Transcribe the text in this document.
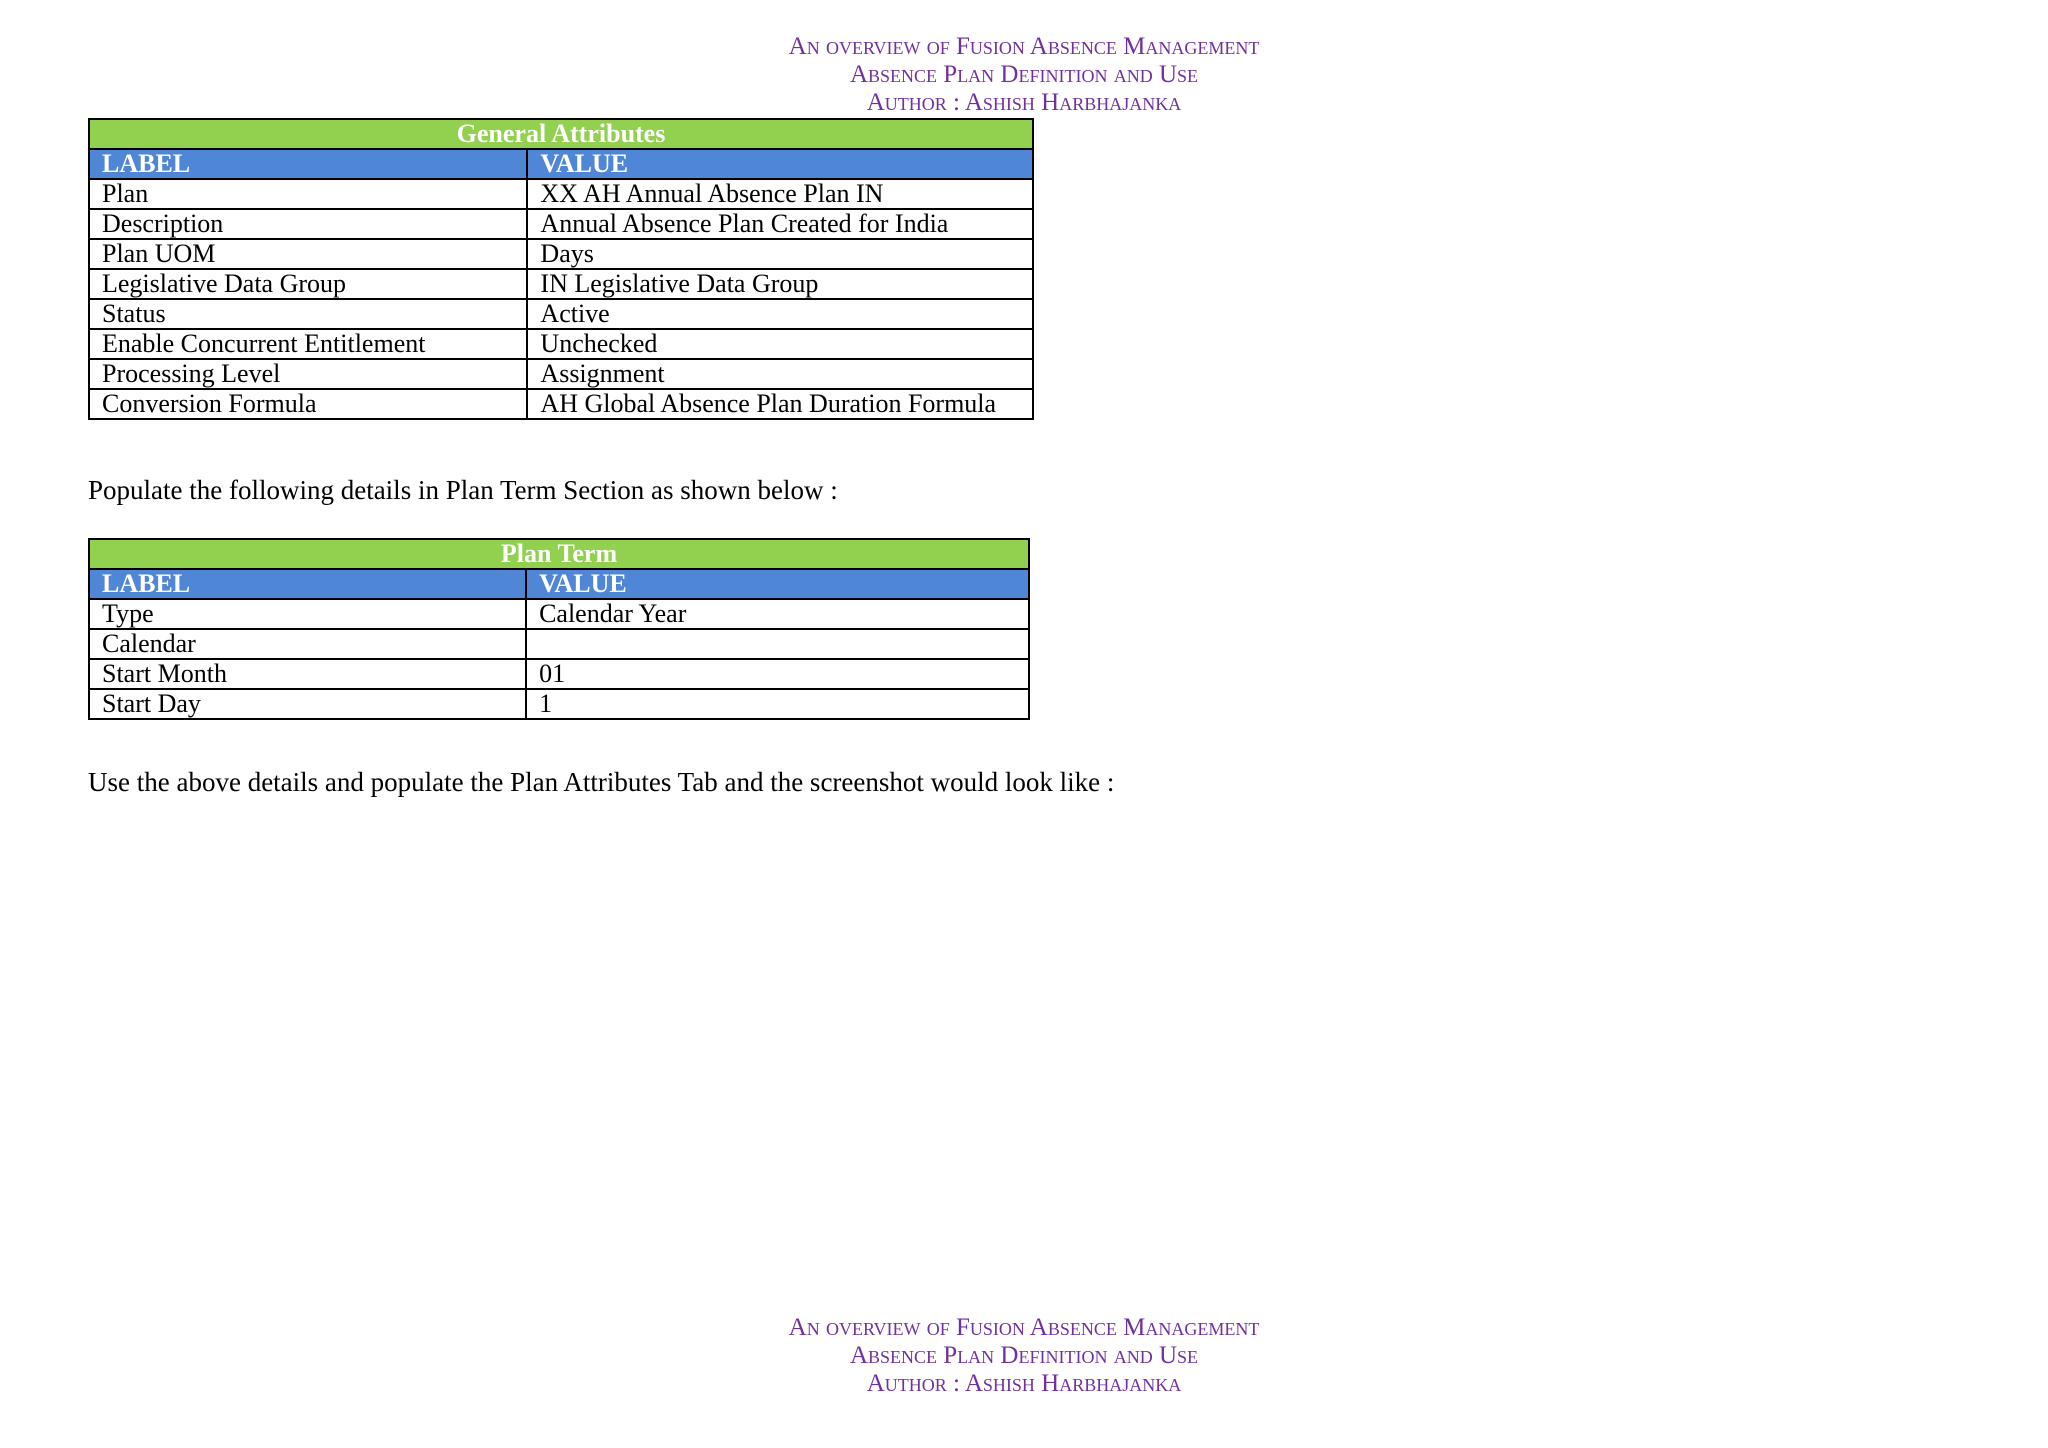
An overview of Fusion Absence Management
Absence Plan Definition and Use
Author : Ashish Harbhajanka
General Attributes	
LABEL	VALUE
Plan	XX AH Annual Absence Plan IN
Description	Annual Absence Plan Created for India
Plan UOM	Days
Legislative Data Group	IN Legislative Data Group
Status	Active
Enable Concurrent Entitlement	Unchecked
Processing Level	Assignment
Conversion Formula	AH Global Absence Plan Duration Formula
Populate the following details in Plan Term Section as shown below :
Plan Term	
LABEL	VALUE
Type	Calendar Year
Calendar	
Start Month	01
Start Day	1
Use the above details and populate the Plan Attributes Tab and the screenshot would look like :
An overview of Fusion Absence Management
Absence Plan Definition and Use
Author : Ashish Harbhajanka
